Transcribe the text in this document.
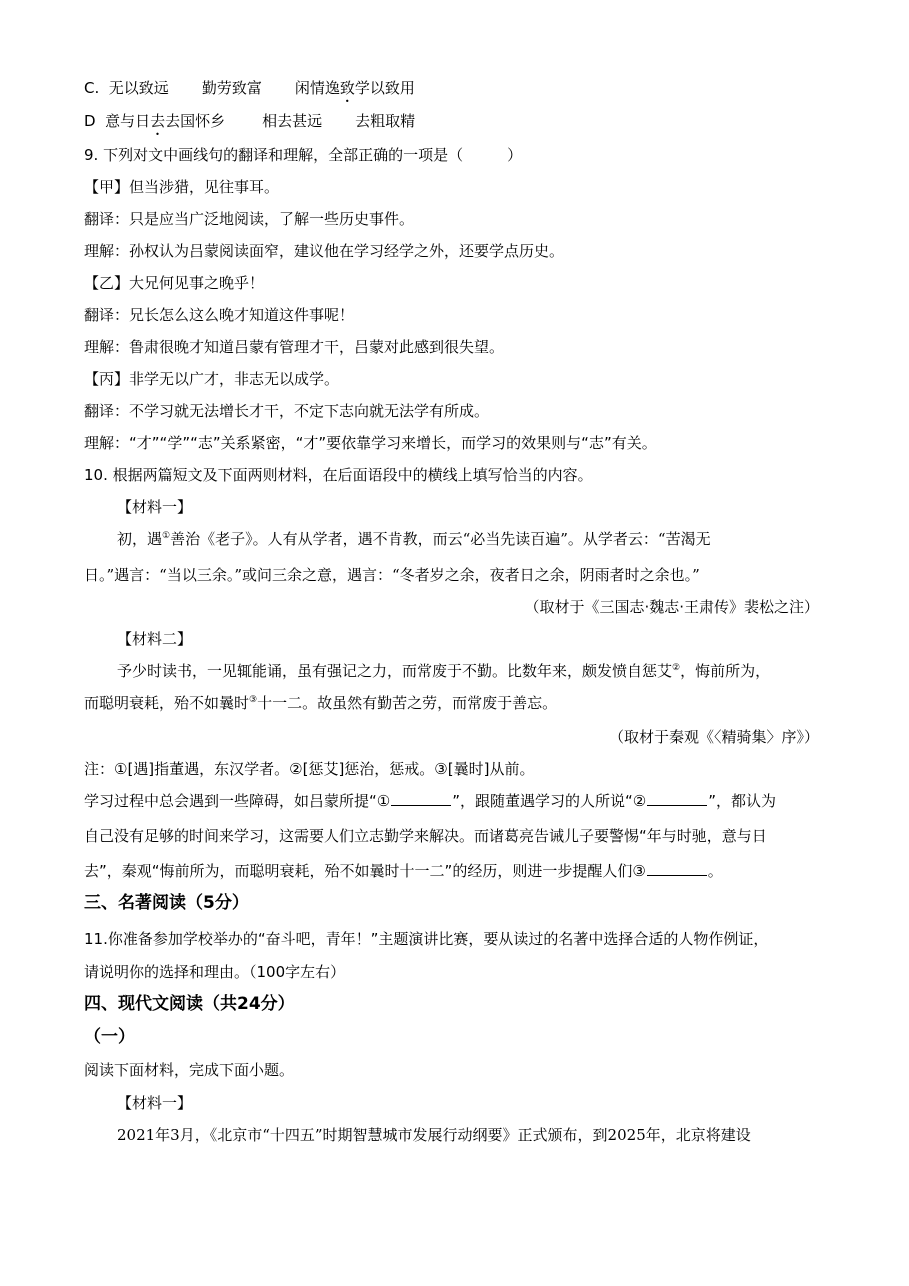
C. 无以致远 勤劳致富 闲情逸致学以致用
D 意与日去去国怀乡 相去甚远 去粗取精
9. 下列对文中画线句的翻译和理解，全部正确的一项是（	）
【甲】但当涉猎，见往事耳。
翻译：只是应当广泛地阅读，了解一些历史事件。
理解：孙权认为吕蒙阅读面窄，建议他在学习经学之外，还要学点历史。
【乙】大兄何见事之晚乎！
翻译：兄长怎么这么晚才知道这件事呢！
理解：鲁肃很晚才知道吕蒙有管理才干，吕蒙对此感到很失望。
【丙】非学无以广才，非志无以成学。
翻译：不学习就无法增长才干，不定下志向就无法学有所成。
理解：“才”“学”“志”关系紧密，“才”要依靠学习来增长，而学习的效果则与“志”有关。
10. 根据两篇短文及下面两则材料，在后面语段中的横线上填写恰当的内容。
【材料一】
初，遇①善治《老子》。人有从学者，遇不肯教，而云“必当先读百遍”。从学者云：“苦渴无
日。”遇言：“当以三余。”或问三余之意，遇言：“冬者岁之余，夜者日之余，阴雨者时之余也。”
（取材于《三国志·魏志·王肃传》裴松之注）
【材料二】
予少时读书，一见辄能诵，虽有强记之力，而常废于不勤。比数年来，颇发愤自惩艾②，悔前所为，
而聪明衰耗，殆不如曩时③十一二。故虽然有勤苦之劳，而常废于善忘。
（取材于秦观《〈精骑集〉序》）
注：①[遇]指董遇，东汉学者。②[惩艾]惩治，惩戒。③[曩时]从前。
学习过程中总会遇到一些障碍，如吕蒙所提“①	”，跟随董遇学习的人所说“②	”，都认为
自己没有足够的时间来学习，这需要人们立志勤学来解决。而诸葛亮告诫儿子要警惕“年与时驰，意与日
去”，秦观“悔前所为，而聪明衰耗，殆不如曩时十一二”的经历，则进一步提醒人们③	。
三、名著阅读（5分）
11.你准备参加学校举办的“奋斗吧，青年！”主题演讲比赛，要从读过的名著中选择合适的人物作例证，
请说明你的选择和理由。（100字左右）
四、现代文阅读（共24分）
（一）
阅读下面材料，完成下面小题。
【材料一】
2021年3月，《北京市“十四五”时期智慧城市发展行动纲要》正式颁布，到2025年，北京将建设
